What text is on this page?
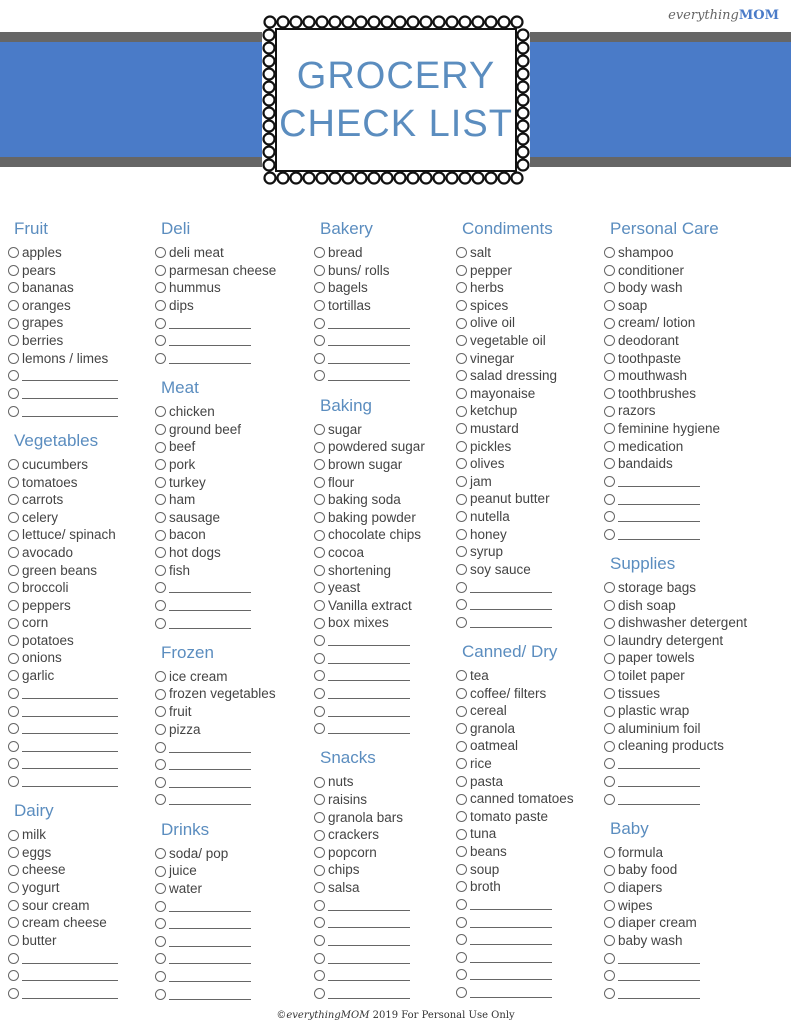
everythingMOM
GROCERY
CHECK LIST
Fruit
apples
pears
bananas
oranges
grapes
berries
lemons / limes
Vegetables
cucumbers
tomatoes
carrots
celery
lettuce/ spinach
avocado
green beans
broccoli
peppers
corn
potatoes
onions
garlic
Dairy
milk
eggs
cheese
yogurt
sour cream
cream cheese
butter
Deli
deli meat
parmesan cheese
hummus
dips
Meat
chicken
ground beef
beef
pork
turkey
ham
sausage
bacon
hot dogs
fish
Frozen
ice cream
frozen vegetables
fruit
pizza
Drinks
soda/ pop
juice
water
Bakery
bread
buns/ rolls
bagels
tortillas
Baking
sugar
powdered sugar
brown sugar
flour
baking soda
baking powder
chocolate chips
cocoa
shortening
yeast
Vanilla extract
box mixes
Snacks
nuts
raisins
granola bars
crackers
popcorn
chips
salsa
Condiments
salt
pepper
herbs
spices
olive oil
vegetable oil
vinegar
salad dressing
mayonaise
ketchup
mustard
pickles
olives
jam
peanut butter
nutella
honey
syrup
soy sauce
Canned/ Dry
tea
coffee/ filters
cereal
granola
oatmeal
rice
pasta
canned tomatoes
tomato paste
tuna
beans
soup
broth
Personal Care
shampoo
conditioner
body wash
soap
cream/ lotion
deodorant
toothpaste
mouthwash
toothbrushes
razors
feminine hygiene
medication
bandaids
Supplies
storage bags
dish soap
dishwasher detergent
laundry detergent
paper towels
toilet paper
tissues
plastic wrap
aluminium foil
cleaning products
Baby
formula
baby food
diapers
wipes
diaper cream
baby wash
©everythingMOM 2019 For Personal Use Only
